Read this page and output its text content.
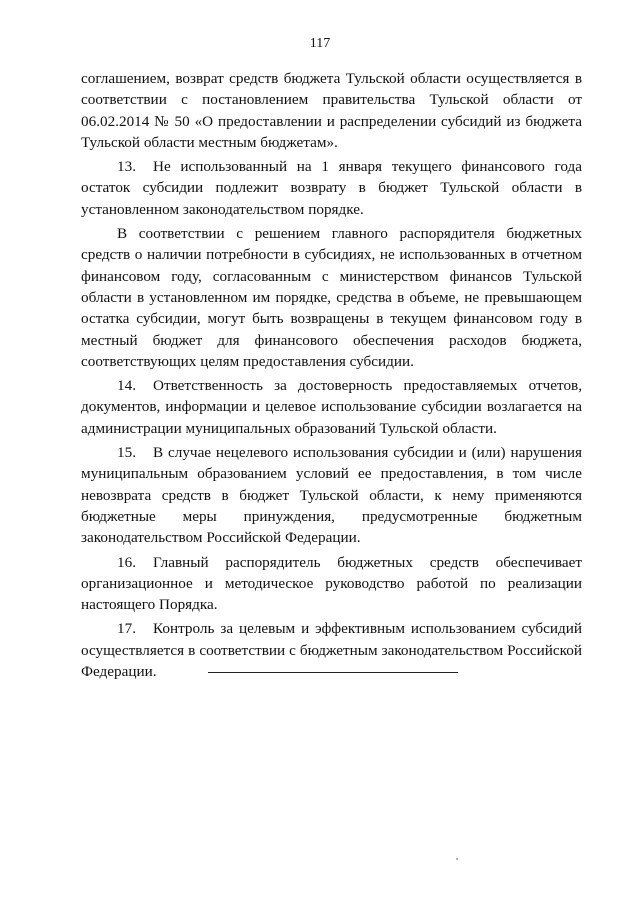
117

соглашением, возврат средств бюджета Тульской области осуществляется в соответствии с постановлением правительства Тульской области от 06.02.2014 № 50 «О предоставлении и распределении субсидий из бюджета Тульской области местным бюджетам».

13. Не использованный на 1 января текущего финансового года остаток субсидии подлежит возврату в бюджет Тульской области в установленном законодательством порядке.

В соответствии с решением главного распорядителя бюджетных средств о наличии потребности в субсидиях, не использованных в отчетном финансовом году, согласованным с министерством финансов Тульской области в установленном им порядке, средства в объеме, не превышающем остатка субсидии, могут быть возвращены в текущем финансовом году в местный бюджет для финансового обеспечения расходов бюджета, соответствующих целям предоставления субсидии.

14. Ответственность за достоверность предоставляемых отчетов, документов, информации и целевое использование субсидии возлагается на администрации муниципальных образований Тульской области.

15. В случае нецелевого использования субсидии и (или) нарушения муниципальным образованием условий ее предоставления, в том числе невозврата средств в бюджет Тульской области, к нему применяются бюджетные меры принуждения, предусмотренные бюджетным законодательством Российской Федерации.

16. Главный распорядитель бюджетных средств обеспечивает организационное и методическое руководство работой по реализации настоящего Порядка.

17. Контроль за целевым и эффективным использованием субсидий осуществляется в соответствии с бюджетным законодательством Российской Федерации.
